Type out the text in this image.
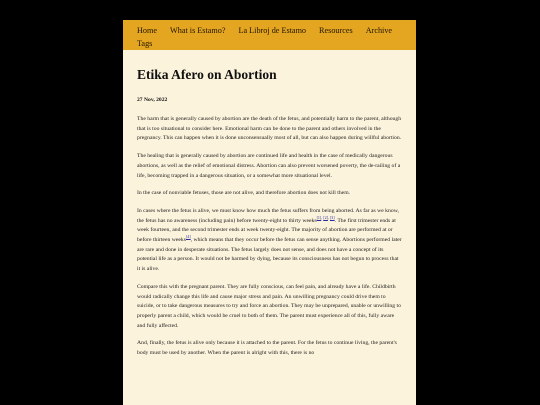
Home What is Estamo? La Libroj de Estamo Resources Archive
Tags
Etika Afero on Abortion
27 Nov, 2022

The harm that is generally caused by abortion are the death of the fetus, and potentially harm to the parent, although that is too situational to consider here. Emotional harm can be done to the parent and others involved in the pregnancy. This can happen when it is done unconsensually most of all, but can also happen during willful abortion.

The healing that is generally caused by abortion are continued life and health in the case of medically dangerous abortions, as well as the relief of emotional distress. Abortion can also prevent worsened poverty, the de-railing of a life, becoming trapped in a dangerous situation, or a somewhat more situational level.

In the case of nonviable fetuses, those are not alive, and therefore abortion does not kill them.

In cases where the fetus is alive, we must know how much the fetus suffers from being aborted. As far as we know, the fetus has no awareness (including pain) before twenty-eight to thirty weeks[1], [2], [3]. The first trimester ends at week fourteen, and the second trimester ends at week twenty-eight. The majority of abortion are performed at or before thirteen weeks[4], which means that they occur before the fetus can sense anything. Abortions performed later are rare and done in desperate situations. The fetus largely does not sense, and does not have a concept of its potential life as a person. It would not be harmed by dying, because its consciousness has not begun to process that it is alive.

Compare this with the pregnant parent. They are fully conscious, can feel pain, and already have a life. Childbirth would radically change this life and cause major stress and pain. An unwilling pregnancy could drive them to suicide, or to take dangerous measures to try and force an abortion. They may be unprepared, unable or unwilling to properly parent a child, which would be cruel to both of them. The parent must experience all of this, fully aware and fully affected.

And, finally, the fetus is alive only because it is attached to the parent. For the fetus to continue living, the parent's body must be used by another. When the parent is alright with this, there is no
